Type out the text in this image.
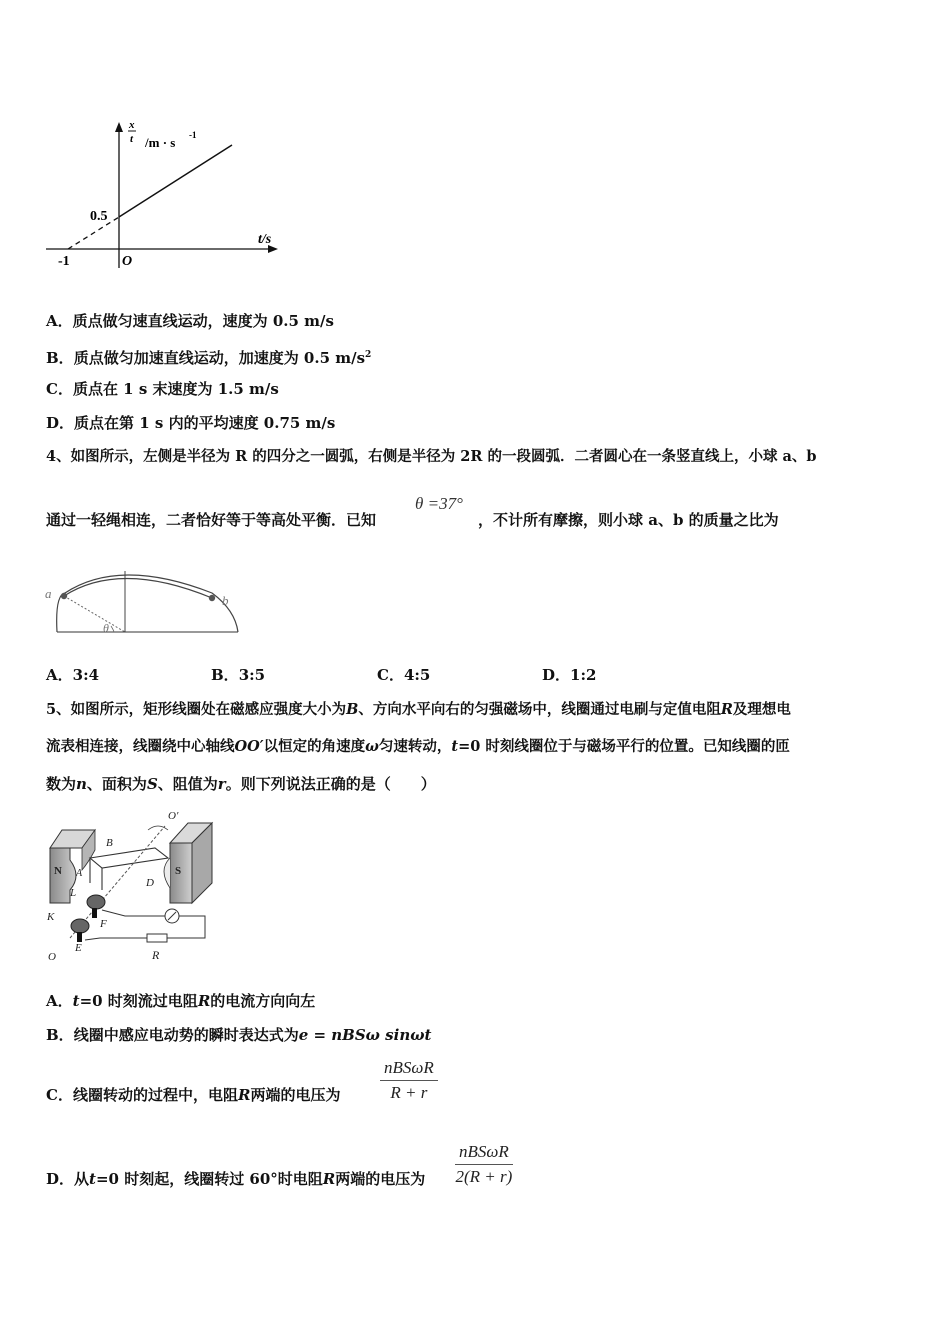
x
t /m · s -1
0.5
t/s
-1	O
A．质点做匀速直线运动，速度为 0.5 m/s
B．质点做匀加速直线运动，加速度为 0.5 $m/s^2$
C．质点在 1 s 末速度为 1.5 m/s
D．质点在第 1 s 内的平均速度 0.75 m/s
4、如图所示，左侧是半径为 R 的四分之一圆弧，右侧是半径为 2R 的一段圆弧．二者圆心在一条竖直线上，小球 a、b
通过一轻绳相连，二者恰好等于等高处平衡．已知
θ =37°
，不计所有摩擦，则小球 a、b 的质量之比为
a	b
θ
A．3:4	B．3:5	C．4:5	D．1:2
5、如图所示，矩形线圈处在磁感应强度大小为B、方向水平向右的匀强磁场中，线圈通过电刷与定值电阻R及理想电
流表相连接，线圈绕中心轴线OO′以恒定的角速度ω匀速转动，t=0 时刻线圈位于与磁场平行的位置。已知线圈的匝
数为n、面积为S、阻值为r。则下列说法正确的是（　　）
N	S
A
B
D
L
K
F
E
O
O′
R
A．t=0 时刻流过电阻R的电流方向向左
B．线圈中感应电动势的瞬时表达式为e = nBSω sinωt
C．线圈转动的过程中，电阻R两端的电压为
nBSωR
R + r
D．从t=0 时刻起，线圈转过 60°时电阻R两端的电压为
nBSωR
2(R + r)
